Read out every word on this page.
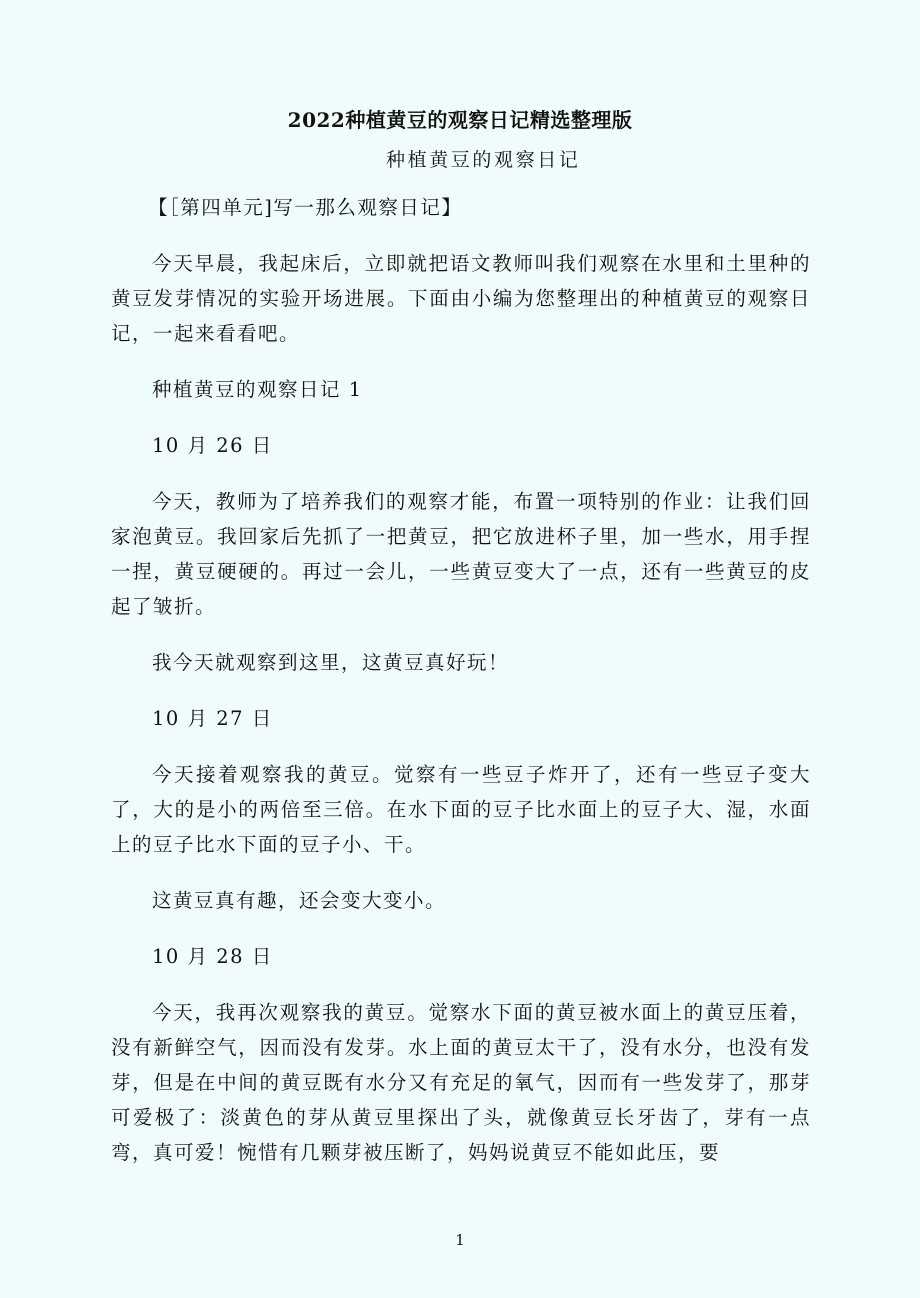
2022种植黄豆的观察日记精选整理版
种植黄豆的观察日记
【［第四单元]写一那么观察日记】
今天早晨，我起床后，立即就把语文教师叫我们观察在水里和土里种的黄豆发芽情况的实验开场进展。下面由小编为您整理出的种植黄豆的观察日记，一起来看看吧。
种植黄豆的观察日记 1
10 月 26 日
今天，教师为了培养我们的观察才能，布置一项特别的作业：让我们回家泡黄豆。我回家后先抓了一把黄豆，把它放进杯子里，加一些水，用手捏一捏，黄豆硬硬的。再过一会儿，一些黄豆变大了一点，还有一些黄豆的皮起了皱折。
我今天就观察到这里，这黄豆真好玩！
10 月 27 日
今天接着观察我的黄豆。觉察有一些豆子炸开了，还有一些豆子变大了，大的是小的两倍至三倍。在水下面的豆子比水面上的豆子大、湿，水面上的豆子比水下面的豆子小、干。
这黄豆真有趣，还会变大变小。
10 月 28 日
今天，我再次观察我的黄豆。觉察水下面的黄豆被水面上的黄豆压着，没有新鲜空气，因而没有发芽。水上面的黄豆太干了，没有水分，也没有发芽，但是在中间的黄豆既有水分又有充足的氧气，因而有一些发芽了，那芽可爱极了：淡黄色的芽从黄豆里探出了头，就像黄豆长牙齿了，芽有一点弯，真可爱！惋惜有几颗芽被压断了，妈妈说黄豆不能如此压，要
1
